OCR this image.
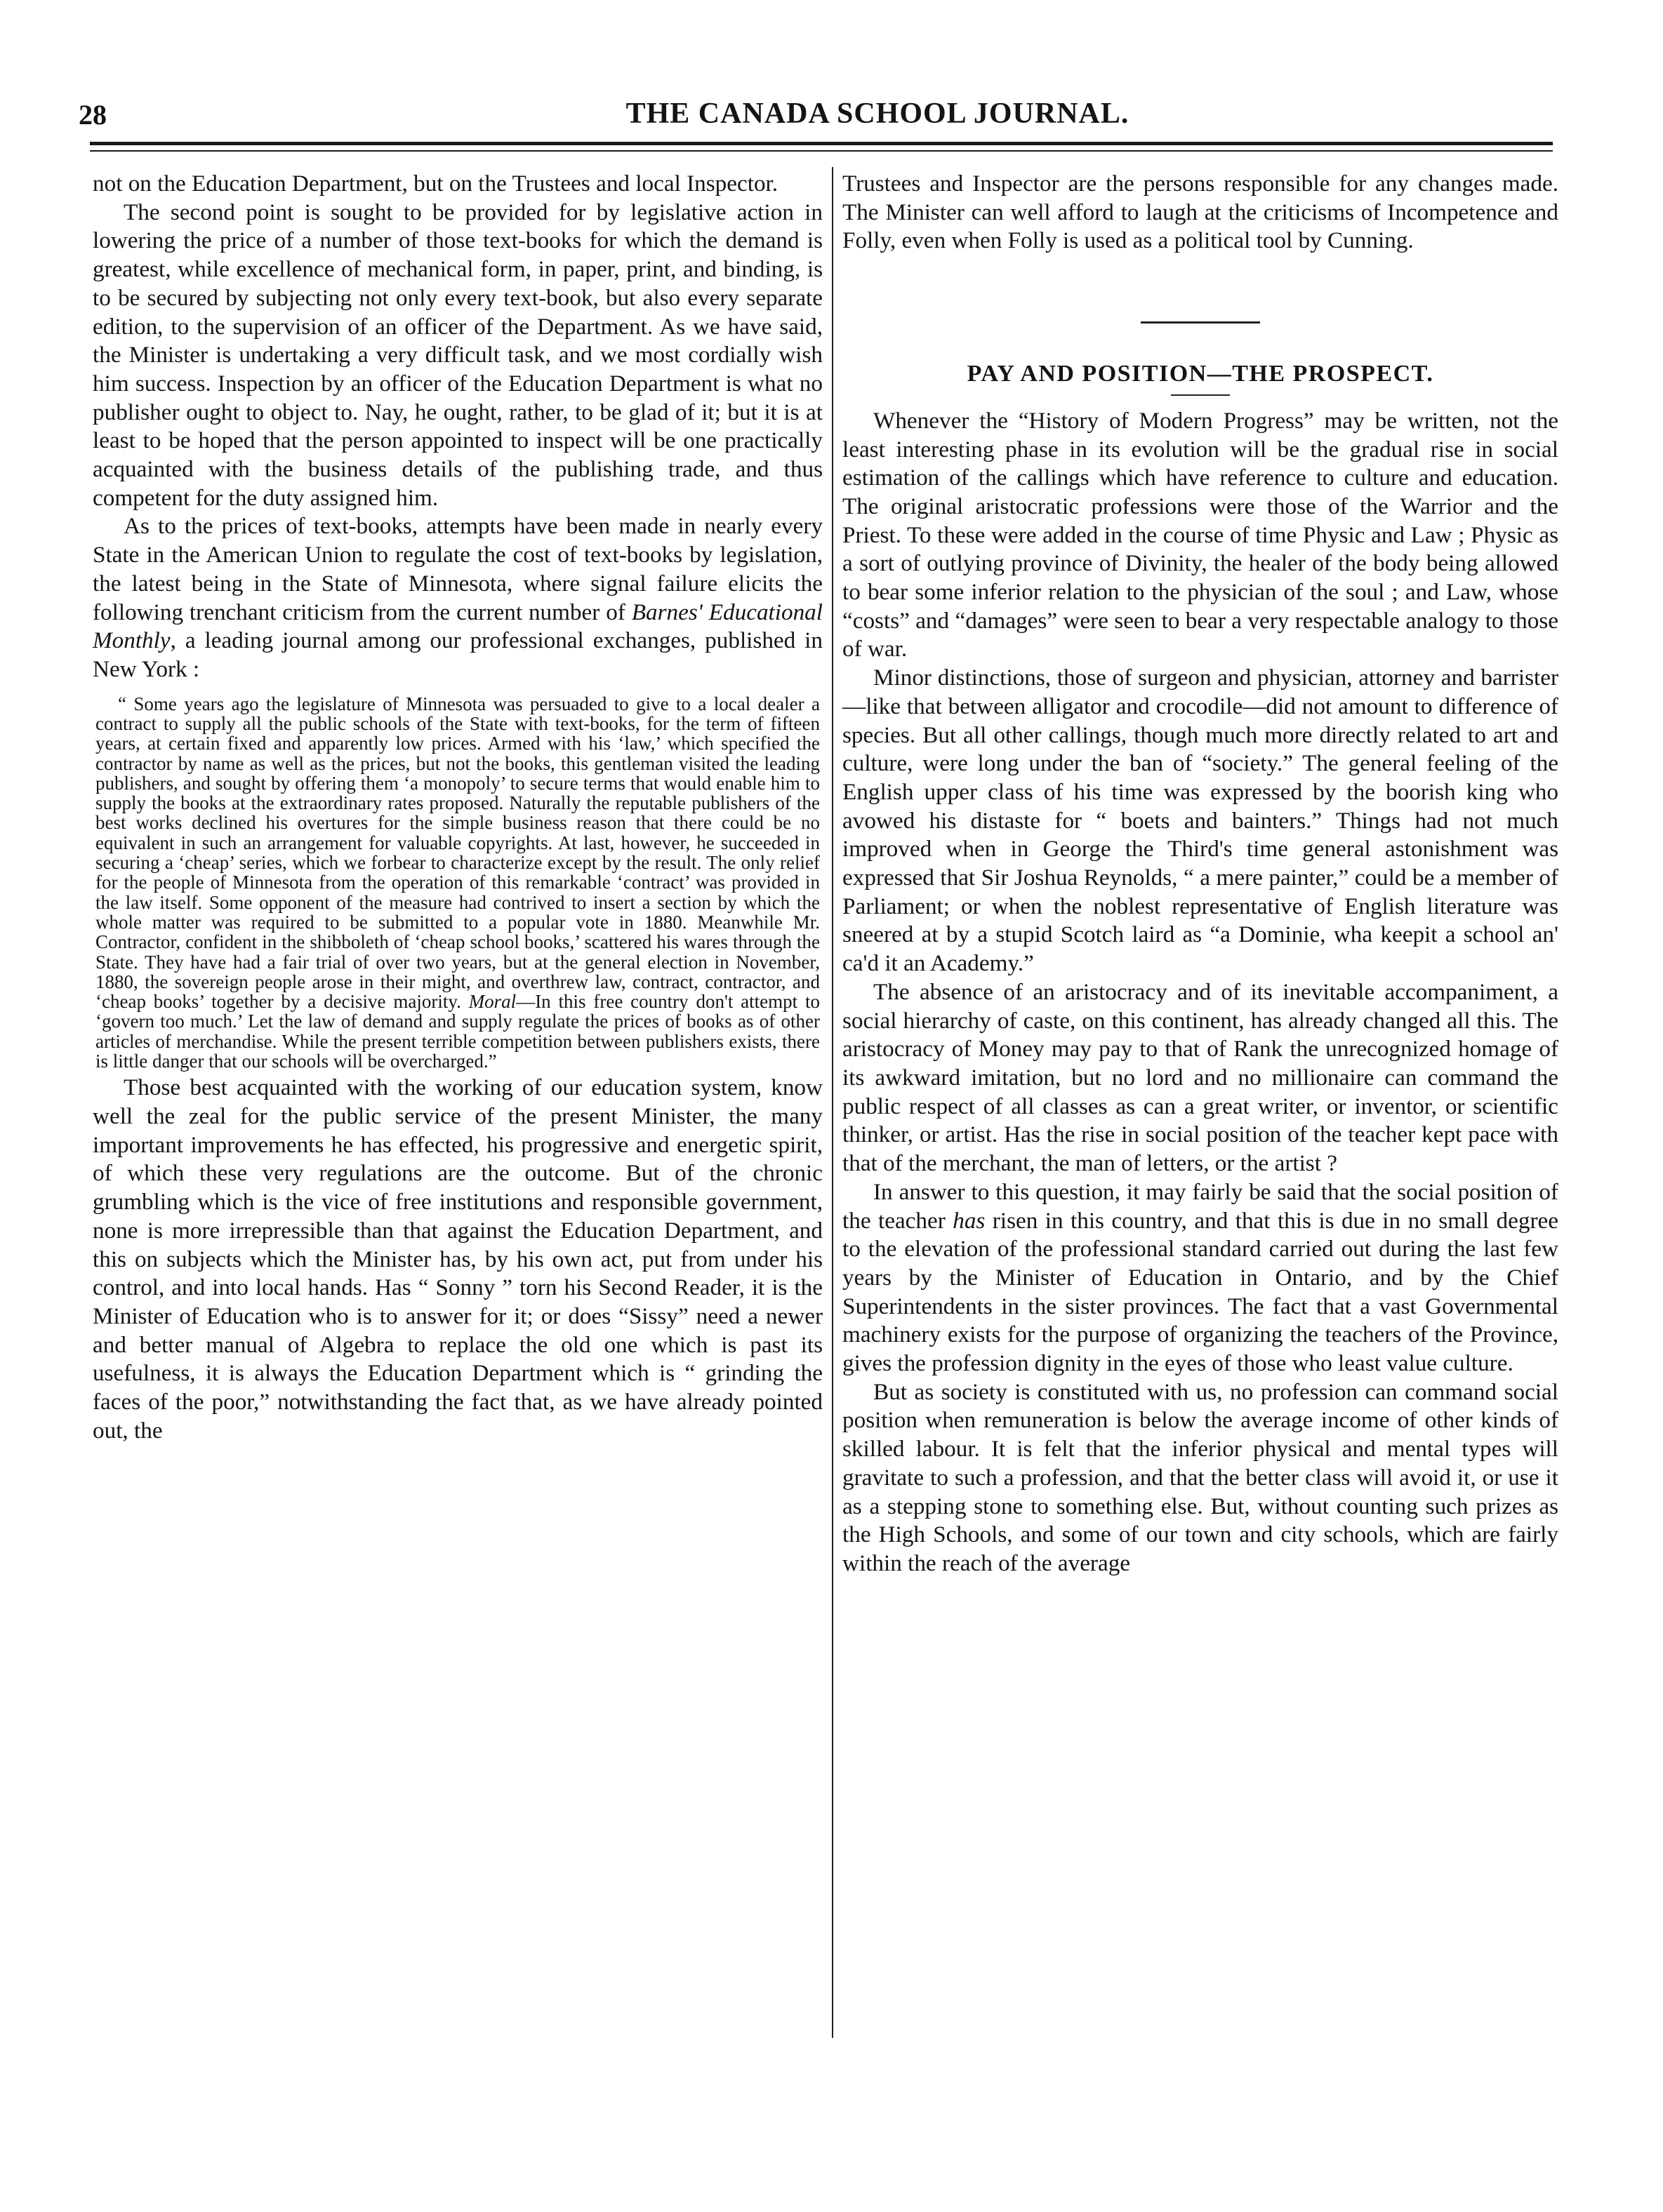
28	THE CANADA SCHOOL JOURNAL.

not on the Education Department, but on the Trustees and local Inspector.

The second point is sought to be provided for by legislative action in lowering the price of a number of those text-books for which the demand is greatest, while excellence of mechanical form, in paper, print, and binding, is to be secured by subjecting not only every text-book, but also every separate edition, to the supervision of an officer of the Department. As we have said, the Minister is undertaking a very difficult task, and we most cordially wish him success. Inspection by an officer of the Education Department is what no publisher ought to object to. Nay, he ought, rather, to be glad of it; but it is at least to be hoped that the person appointed to inspect will be one practically acquainted with the business details of the publishing trade, and thus competent for the duty assigned him.

As to the prices of text-books, attempts have been made in nearly every State in the American Union to regulate the cost of text-books by legislation, the latest being in the State of Minnesota, where signal failure elicits the following trenchant criticism from the current number of Barnes' Educational Monthly, a leading journal among our professional exchanges, published in New York :

“ Some years ago the legislature of Minnesota was persuaded to give to a local dealer a contract to supply all the public schools of the State with text-books, for the term of fifteen years, at certain fixed and apparently low prices. Armed with his ‘law,’ which specified the contractor by name as well as the prices, but not the books, this gentleman visited the leading publishers, and sought by offering them ‘a monopoly’ to secure terms that would enable him to supply the books at the extraordinary rates proposed. Naturally the reputable publishers of the best works declined his overtures for the simple business reason that there could be no equivalent in such an arrangement for valuable copyrights. At last, however, he succeeded in securing a ‘cheap’ series, which we forbear to characterize except by the result. The only relief for the people of Minnesota from the operation of this remarkable ‘contract’ was provided in the law itself. Some opponent of the measure had contrived to insert a section by which the whole matter was required to be submitted to a popular vote in 1880. Meanwhile Mr. Contractor, confident in the shibboleth of ‘cheap school books,’ scattered his wares through the State. They have had a fair trial of over two years, but at the general election in November, 1880, the sovereign people arose in their might, and overthrew law, contract, contractor, and ‘cheap books’ together by a decisive majority. Moral—In this free country don't attempt to ‘govern too much.’ Let the law of demand and supply regulate the prices of books as of other articles of merchandise. While the present terrible competition between publishers exists, there is little danger that our schools will be overcharged.”

Those best acquainted with the working of our education system, know well the zeal for the public service of the present Minister, the many important improvements he has effected, his progressive and energetic spirit, of which these very regulations are the outcome. But of the chronic grumbling which is the vice of free institutions and responsible government, none is more irrepressible than that against the Education Department, and this on subjects which the Minister has, by his own act, put from under his control, and into local hands. Has “ Sonny ” torn his Second Reader, it is the Minister of Education who is to answer for it; or does “Sissy” need a newer and better manual of Algebra to replace the old one which is past its usefulness, it is always the Education Department which is “ grinding the faces of the poor,” notwithstanding the fact that, as we have already pointed out, the

Trustees and Inspector are the persons responsible for any changes made. The Minister can well afford to laugh at the criticisms of Incompetence and Folly, even when Folly is used as a political tool by Cunning.

PAY AND POSITION—THE PROSPECT.

Whenever the “History of Modern Progress” may be written, not the least interesting phase in its evolution will be the gradual rise in social estimation of the callings which have reference to culture and education. The original aristocratic professions were those of the Warrior and the Priest. To these were added in the course of time Physic and Law ; Physic as a sort of outlying province of Divinity, the healer of the body being allowed to bear some inferior relation to the physician of the soul ; and Law, whose “costs” and “damages” were seen to bear a very respectable analogy to those of war.

Minor distinctions, those of surgeon and physician, attorney and barrister—like that between alligator and crocodile—did not amount to difference of species. But all other callings, though much more directly related to art and culture, were long under the ban of “society.” The general feeling of the English upper class of his time was expressed by the boorish king who avowed his distaste for “ boets and bainters.” Things had not much improved when in George the Third's time general astonishment was expressed that Sir Joshua Reynolds, “ a mere painter,” could be a member of Parliament; or when the noblest representative of English literature was sneered at by a stupid Scotch laird as “a Dominie, wha keepit a school an' ca'd it an Academy.”

The absence of an aristocracy and of its inevitable accompaniment, a social hierarchy of caste, on this continent, has already changed all this. The aristocracy of Money may pay to that of Rank the unrecognized homage of its awkward imitation, but no lord and no millionaire can command the public respect of all classes as can a great writer, or inventor, or scientific thinker, or artist. Has the rise in social position of the teacher kept pace with that of the merchant, the man of letters, or the artist ?

In answer to this question, it may fairly be said that the social position of the teacher has risen in this country, and that this is due in no small degree to the elevation of the professional standard carried out during the last few years by the Minister of Education in Ontario, and by the Chief Superintendents in the sister provinces. The fact that a vast Governmental machinery exists for the purpose of organizing the teachers of the Province, gives the profession dignity in the eyes of those who least value culture.

But as society is constituted with us, no profession can command social position when remuneration is below the average income of other kinds of skilled labour. It is felt that the inferior physical and mental types will gravitate to such a profession, and that the better class will avoid it, or use it as a stepping stone to something else. But, without counting such prizes as the High Schools, and some of our town and city schools, which are fairly within the reach of the average
